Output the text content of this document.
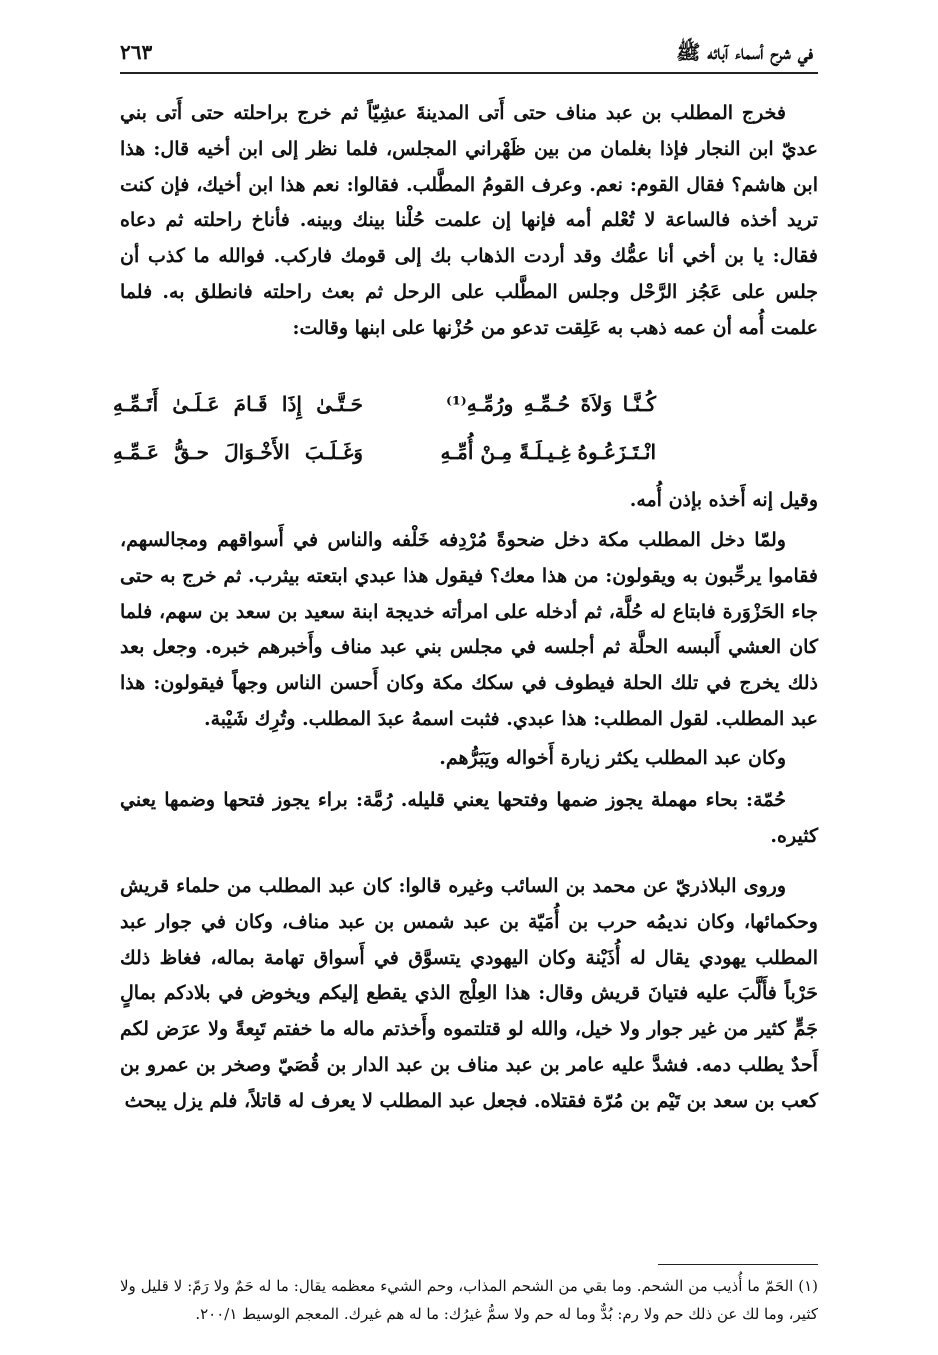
في شرح أسماء آبائه ﷺ
٢٦٣

فخرج المطلب بن عبد مناف حتى أَتى المدينةَ عشِيّاً ثم خرج براحلته حتى أَتى بني عديّ ابن النجار فإذا بغلمان من بين ظَهْراني المجلس، فلما نظر إلى ابن أخيه قال: هذا ابن هاشم؟ فقال القوم: نعم. وعرف القومُ المطَّلب. فقالوا: نعم هذا ابن أخيك، فإن كنت تريد أخذه فالساعة لا تُعْلم أمه فإنها إن علمت حُلْنا بينك وبينه. فأناخ راحلته ثم دعاه فقال: يا بن أخي أنا عمُّك وقد أردت الذهاب بك إلى قومك فاركب. فوالله ما كذب أن جلس على عَجُز الرَّحْل وجلس المطَّلب على الرحل ثم بعث راحلته فانطلق به. فلما علمت أُمه أن عمه ذهب به عَلِقت تدعو من حُزْنها على ابنها وقالت:

كُـنَّـا وَلاَةَ حُـمِّـهِ ورُمِّـهِ⁽¹⁾
حَـتَّـىٰ إِذَا قَـامَ عَـلَـىٰ أَتَـمِّـهِ
انْـتَـزَعُـوهُ غِـيـلَـةً مِـنْ أُمِّـهِ
وَغَـلَـبَ الأَخْـوَالَ حـقُّ عَـمِّـهِ

وقيل إنه أَخذه بإذن أُمه.

ولمّا دخل المطلب مكة دخل ضحوةً مُرْدِفه خَلْفه والناس في أَسواقهم ومجالسهم، فقاموا يرحِّبون به ويقولون: من هذا معك؟ فيقول هذا عبدي ابتعته بيثرب. ثم خرج به حتى جاء الحَزْوَرة فابتاع له حُلَّة، ثم أدخله على امرأته خديجة ابنة سعيد بن سعد بن سهم، فلما كان العشي أَلبسه الحلَّة ثم أجلسه في مجلس بني عبد مناف وأَخبرهم خبره. وجعل بعد ذلك يخرج في تلك الحلة فيطوف في سكك مكة وكان أَحسن الناس وجهاً فيقولون: هذا عبد المطلب. لقول المطلب: هذا عبدي. فثبت اسمهُ عبدَ المطلب. وتُرِك شَيْبة.

وكان عبد المطلب يكثر زيارة أَخواله ويَبَرُّهم.

حُمّة: بحاء مهملة يجوز ضمها وفتحها يعني قليله. رُمَّة: براء يجوز فتحها وضمها يعني كثيره.

وروى البلاذريّ عن محمد بن السائب وغيره قالوا: كان عبد المطلب من حلماء قريش وحكمائها، وكان نديمُه حرب بن أُمَيّة بن عبد شمس بن عبد مناف، وكان في جوار عبد المطلب يهودي يقال له أُذَيْنة وكان اليهودي يتسوَّق في أَسواق تهامة بماله، فغاظ ذلك حَرْباً فأَلَّبَ عليه فتيانَ قريش وقال: هذا العِلْج الذي يقطع إليكم ويخوض في بلادكم بمالٍ جَمٍّ كثير من غير جوار ولا خيل، والله لو قتلتموه وأَخذتم ماله ما خفتم تَبِعةً ولا عرَض لكم أَحدٌ يطلب دمه. فشدَّ عليه عامر بن عبد مناف بن عبد الدار بن قُصَيّ وصخر بن عمرو بن كعب بن سعد بن تَيْم بن مُرّة فقتلاه. فجعل عبد المطلب لا يعرف له قاتلاً، فلم يزل يبحث

(١) الحَمّ ما أُذيب من الشحم. وما بقي من الشحم المذاب، وحم الشيء معظمه يقال: ما له حَمٌ ولا رَمّ: لا قليل ولا كثير، وما لك عن ذلك حم ولا رم: بُدٌّ وما له حم ولا سمُّ غيرُك: ما له هم غيرك. المعجم الوسيط ٢٠٠/١.
